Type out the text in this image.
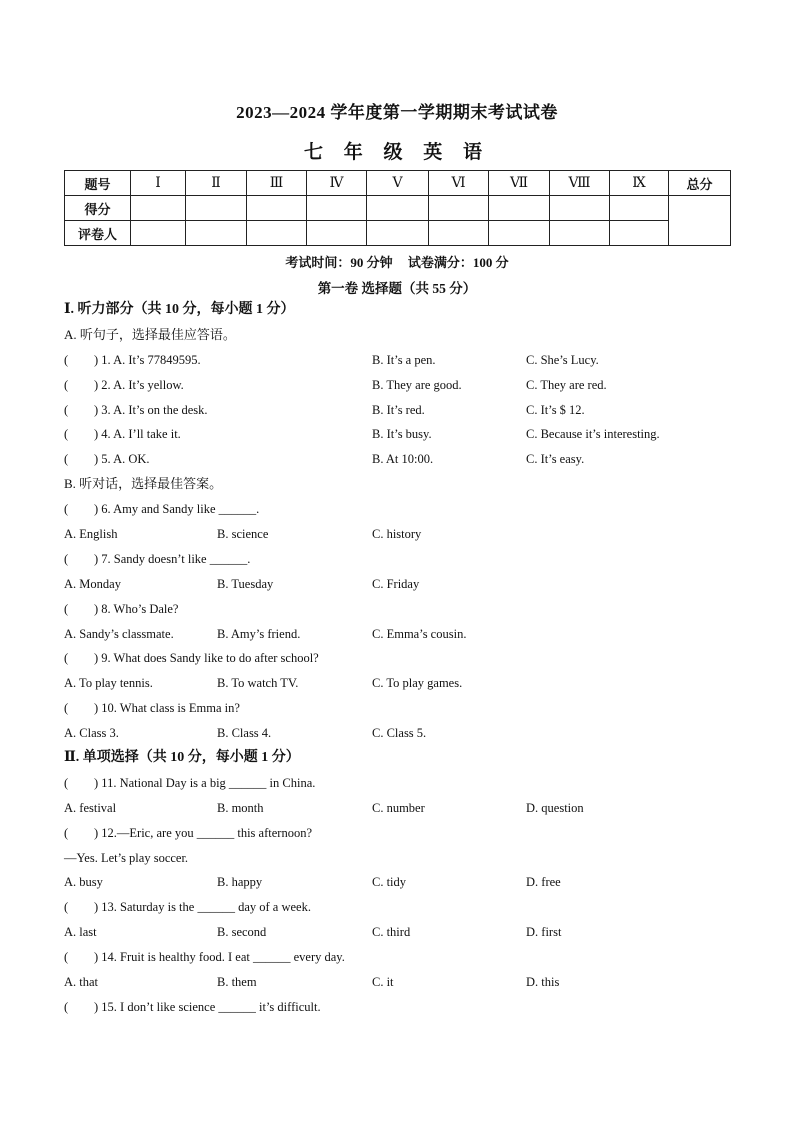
2023—2024 学年度第一学期期末考试试卷
七 年 级 英 语
题号	Ⅰ	Ⅱ	Ⅲ	Ⅳ	Ⅴ	Ⅵ	Ⅶ	Ⅷ	Ⅸ	总分
得分										
评卷人										
考试时间：90 分钟 试卷满分：100 分
第一卷 选择题（共 55 分）
Ⅰ. 听力部分（共 10 分，每小题 1 分）
A. 听句子，选择最佳应答语。
( ) 1. A. It’s 77849595.	B. It’s a pen.	C. She’s Lucy.
( ) 2. A. It’s yellow.	B. They are good.	C. They are red.
( ) 3. A. It’s on the desk.	B. It’s red.	C. It’s $ 12.
( ) 4. A. I’ll take it.	B. It’s busy.	C. Because it’s interesting.
( ) 5. A. OK.	B. At 10:00.	C. It’s easy.
B. 听对话，选择最佳答案。
( ) 6. Amy and Sandy like ______.
A. English	B. science	C. history
( ) 7. Sandy doesn’t like ______.
A. Monday	B. Tuesday	C. Friday
( ) 8. Who’s Dale?
A. Sandy’s classmate.	B. Amy’s friend.	C. Emma’s cousin.
( ) 9. What does Sandy like to do after school?
A. To play tennis.	B. To watch TV.	C. To play games.
( ) 10. What class is Emma in?
A. Class 3.	B. Class 4.	C. Class 5.
Ⅱ. 单项选择（共 10 分，每小题 1 分）
( ) 11. National Day is a big ______ in China.
A. festival	B. month	C. number	D. question
( ) 12.—Eric, are you ______ this afternoon?
—Yes. Let’s play soccer.
A. busy	B. happy	C. tidy	D. free
( ) 13. Saturday is the ______ day of a week.
A. last	B. second	C. third	D. first
( ) 14. Fruit is healthy food. I eat ______ every day.
A. that	B. them	C. it	D. this
( ) 15. I don’t like science ______ it’s difficult.
